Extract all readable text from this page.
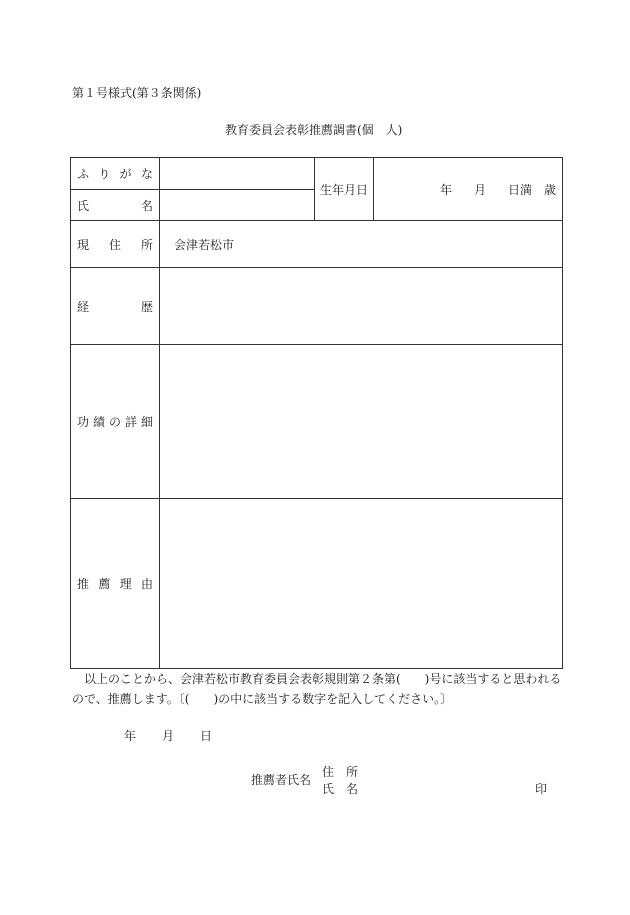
第１号様式(第３条関係)
教育委員会表彰推薦調書(個　人)
ふ り が な		生年月日	年 月 日満 歳

氏 名			

現 住 所	会津若松市		

経 歴			

功 績 の 詳 細			

推 薦 理 由			

　以上のことから、会津若松市教育委員会表彰規則第２条第(　　)号に該当すると思われるので、推薦します。〔(　　)の中に該当する数字を記入してください。〕
年 月 日
推薦者氏名
住　所
氏　名	印
